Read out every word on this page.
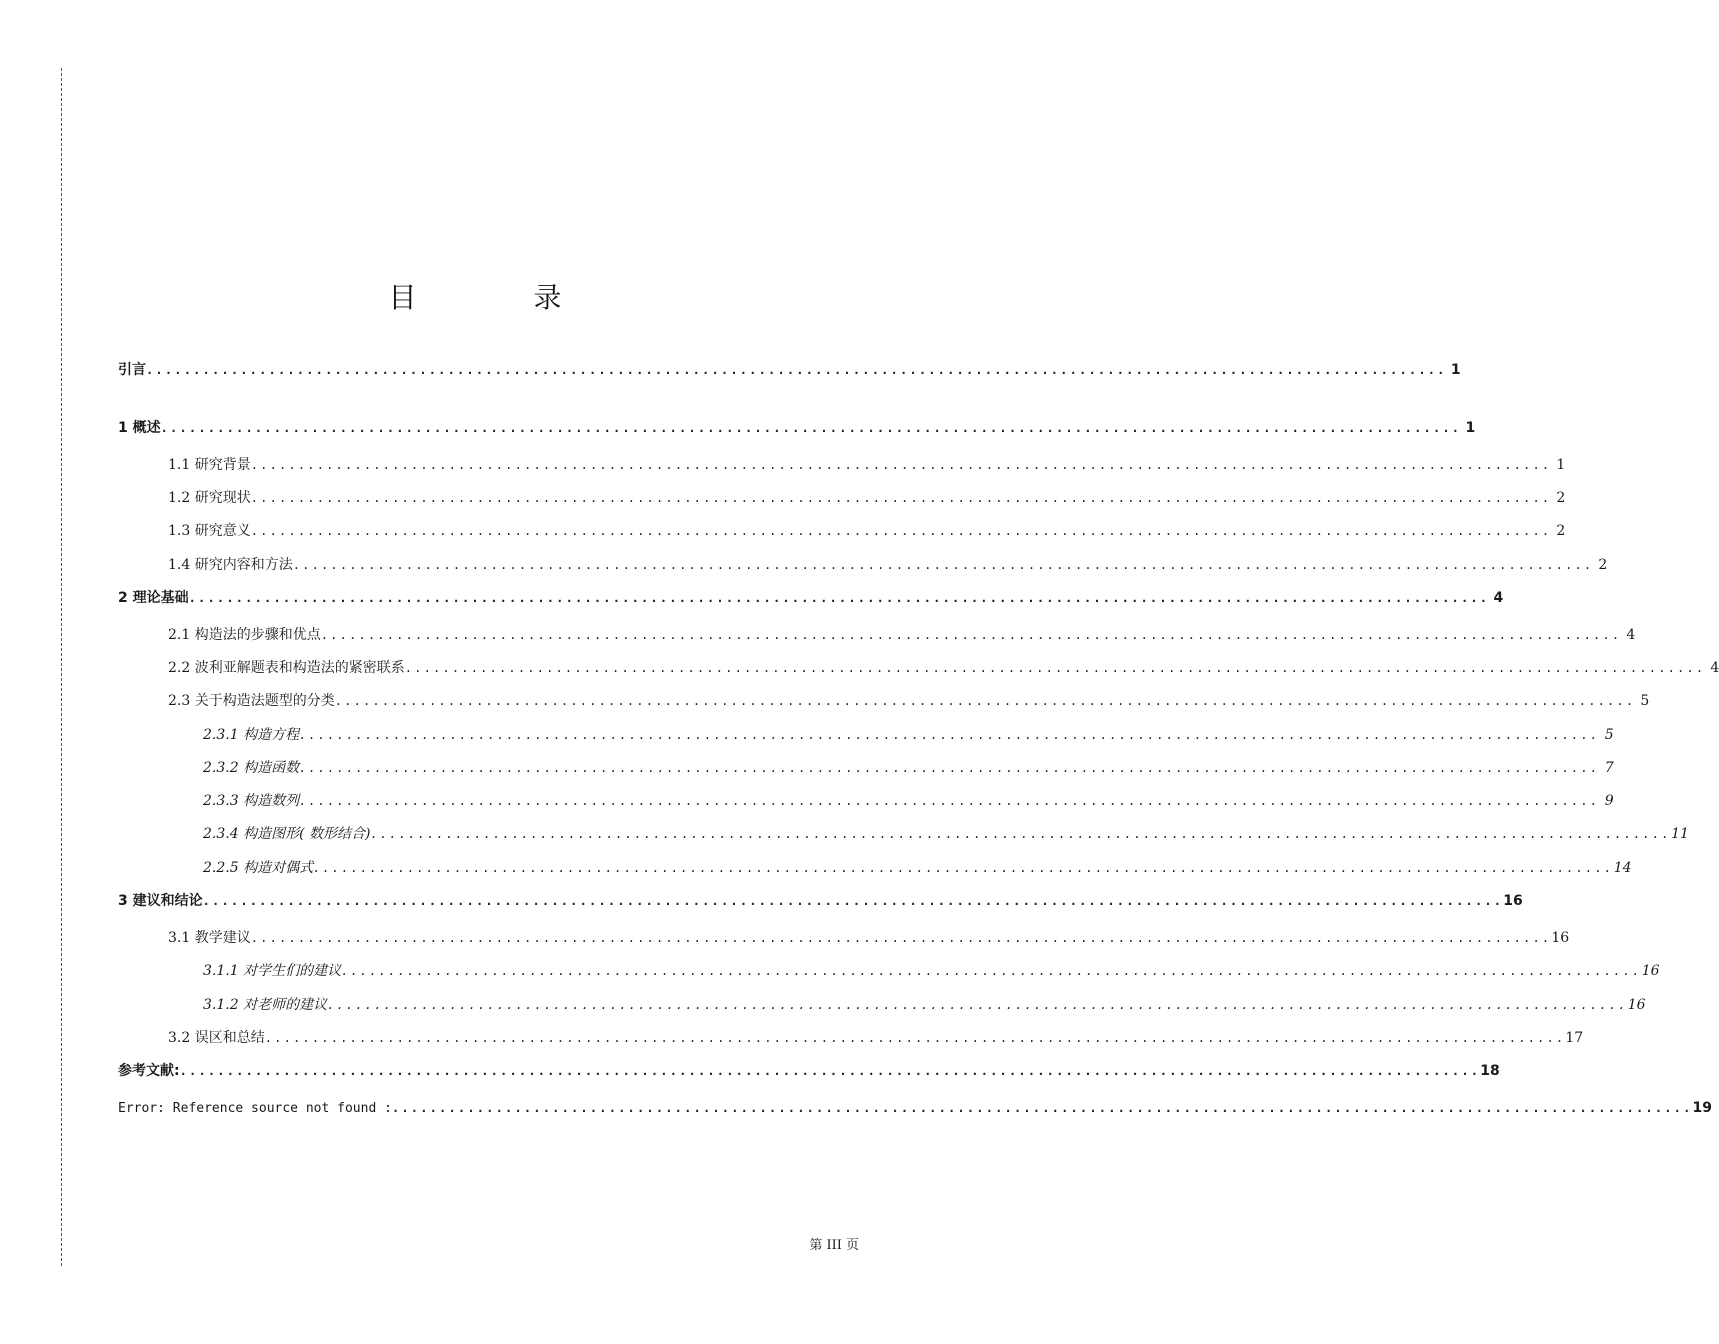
目 录
引言 .......................................................................................................................................... 1
1 概述 .......................................................................................................................................... 1
1.1 研究背景 .......................................................................................................................................... 1
1.2 研究现状 .......................................................................................................................................... 2
1.3 研究意义 .......................................................................................................................................... 2
1.4 研究内容和方法 .......................................................................................................................................... 2
2 理论基础 .......................................................................................................................................... 4
2.1 构造法的步骤和优点 .......................................................................................................................................... 4
2.2 波利亚解题表和构造法的紧密联系 .......................................................................................................................................... 4
2.3 关于构造法题型的分类 .......................................................................................................................................... 5
2.3.1 构造方程 .......................................................................................................................................... 5
2.3.2 构造函数 .......................................................................................................................................... 7
2.3.3 构造数列 .......................................................................................................................................... 9
2.3.4 构造图形( 数形结合) .......................................................................................................................................... 11
2.2.5 构造对偶式 .......................................................................................................................................... 14
3 建议和结论 .......................................................................................................................................... 16
3.1 教学建议 .......................................................................................................................................... 16
3.1.1 对学生们的建议 .......................................................................................................................................... 16
3.1.2 对老师的建议 .......................................................................................................................................... 16
3.2 误区和总结 .......................................................................................................................................... 17
参考文献: .......................................................................................................................................... 18
Error: Reference source not found : .......................................................................................................................................... 19
第 III 页
